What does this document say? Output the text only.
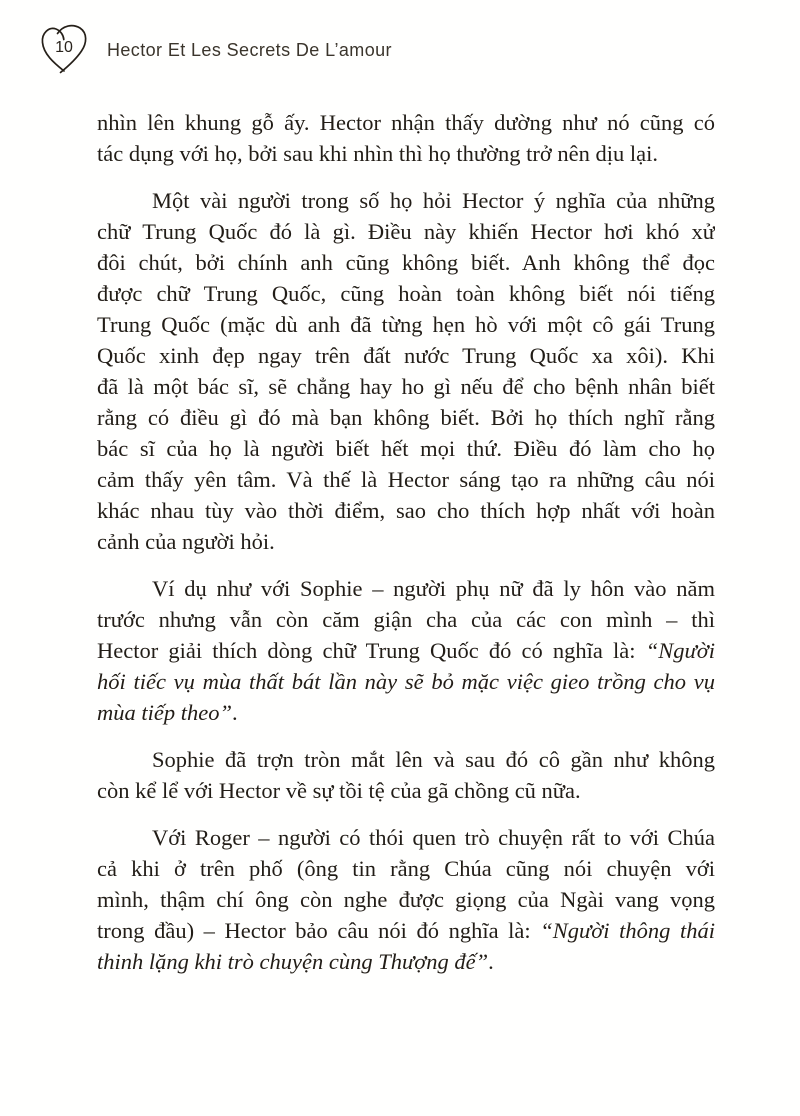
10	Hector Et Les Secrets De L’amour
nhìn lên khung gỗ ấy. Hector nhận thấy dường như nó cũng có
tác dụng với họ, bởi sau khi nhìn thì họ thường trở nên dịu lại.
Một vài người trong số họ hỏi Hector ý nghĩa của những
chữ Trung Quốc đó là gì. Điều này khiến Hector hơi khó xử
đôi chút, bởi chính anh cũng không biết. Anh không thể đọc
được chữ Trung Quốc, cũng hoàn toàn không biết nói tiếng
Trung Quốc (mặc dù anh đã từng hẹn hò với một cô gái Trung
Quốc xinh đẹp ngay trên đất nước Trung Quốc xa xôi). Khi
đã là một bác sĩ, sẽ chẳng hay ho gì nếu để cho bệnh nhân biết
rằng có điều gì đó mà bạn không biết. Bởi họ thích nghĩ rằng
bác sĩ của họ là người biết hết mọi thứ. Điều đó làm cho họ
cảm thấy yên tâm. Và thế là Hector sáng tạo ra những câu nói
khác nhau tùy vào thời điểm, sao cho thích hợp nhất với hoàn
cảnh của người hỏi.
Ví dụ như với Sophie – người phụ nữ đã ly hôn vào năm
trước nhưng vẫn còn căm giận cha của các con mình – thì
Hector giải thích dòng chữ Trung Quốc đó có nghĩa là: “Người
hối tiếc vụ mùa thất bát lần này sẽ bỏ mặc việc gieo trồng cho vụ
mùa tiếp theo”.
Sophie đã trợn tròn mắt lên và sau đó cô gần như không
còn kể lể với Hector về sự tồi tệ của gã chồng cũ nữa.
Với Roger – người có thói quen trò chuyện rất to với Chúa
cả khi ở trên phố (ông tin rằng Chúa cũng nói chuyện với
mình, thậm chí ông còn nghe được giọng của Ngài vang vọng
trong đầu) – Hector bảo câu nói đó nghĩa là: “Người thông thái
thinh lặng khi trò chuyện cùng Thượng đế”.
